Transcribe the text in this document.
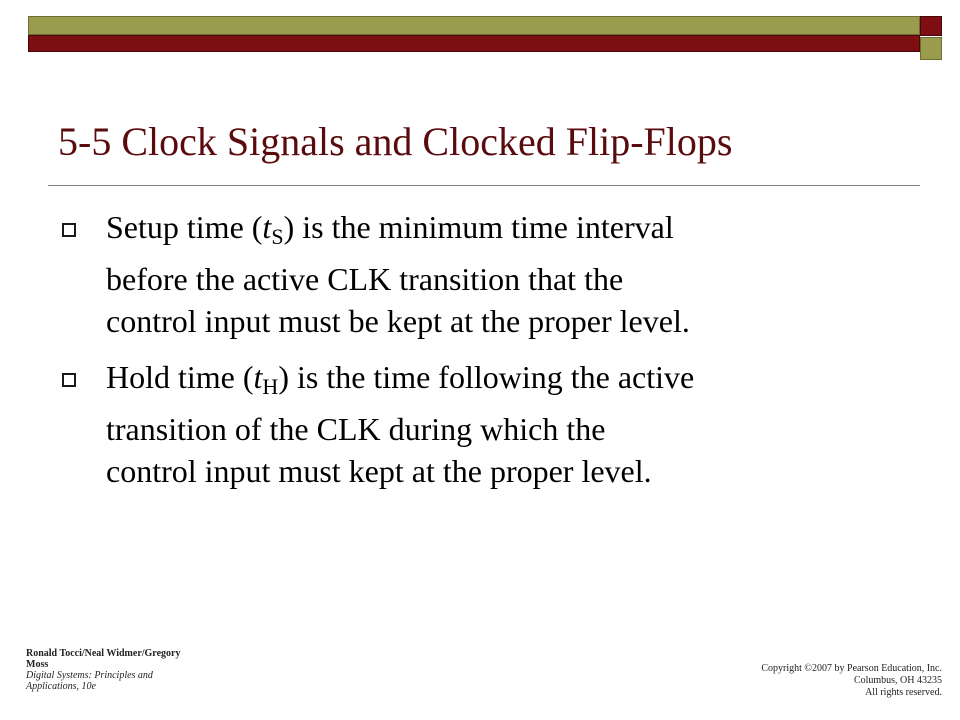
5-5 Clock Signals and Clocked Flip-Flops
Setup time $(t_S)$ is the minimum time interval
before the active CLK transition that the
control input must be kept at the proper level.
Hold time $(t_H)$ is the time following the active
transition of the CLK during which the
control input must kept at the proper level.
Ronald Tocci/Neal Widmer/Gregory
Moss
Digital Systems: Principles and
Applications, 10e
Copyright ©2007 by Pearson Education, Inc.
Columbus, OH 43235
All rights reserved.
